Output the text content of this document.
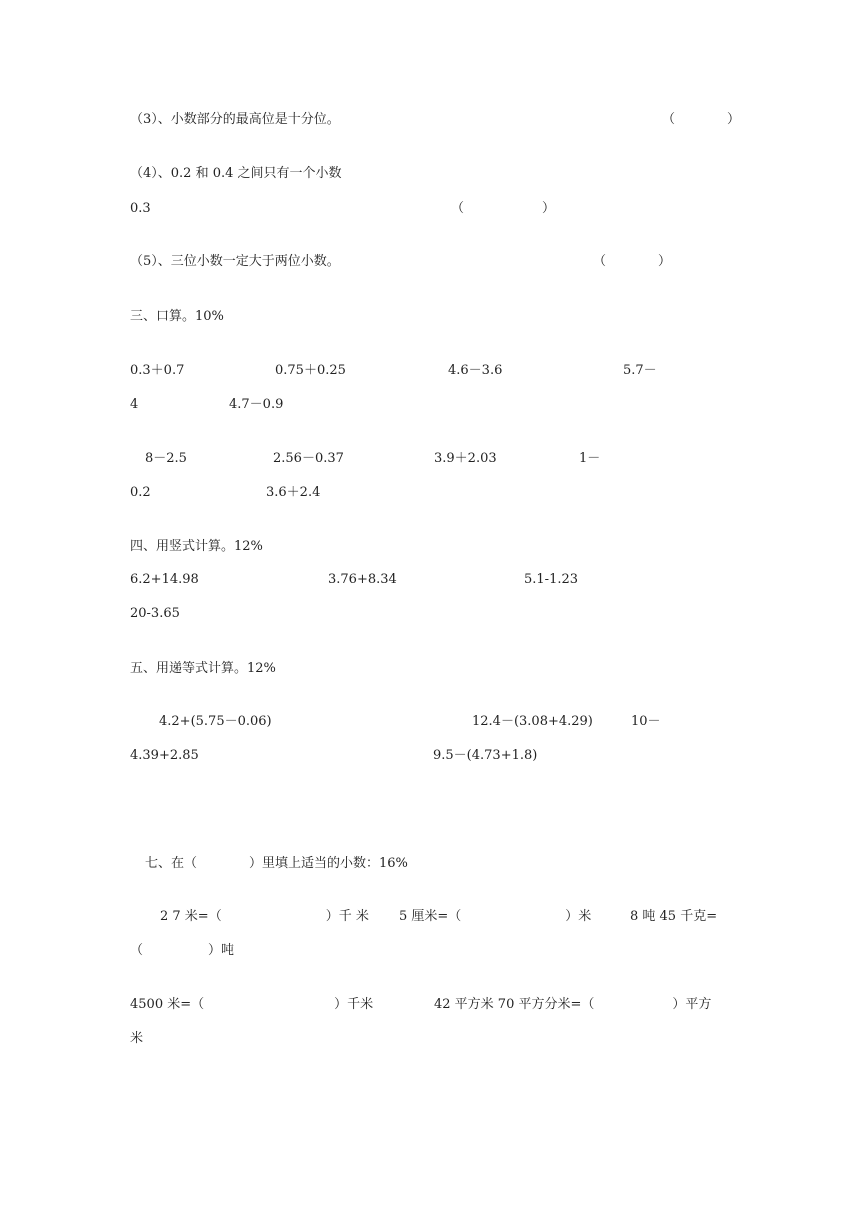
（3）、小数部分的最高位是十分位。	（　　　　）
（4）、0.2 和 0.4 之间只有一个小数
0.3	（　　　　　　）
（5）、三位小数一定大于两位小数。	（　　　　）
三、口算。10%
0.3＋0.7	0.75＋0.25	4.6－3.6	5.7－
4	4.7－0.9
8－2.5	2.56－0.37	3.9＋2.03	1－
0.2	3.6＋2.4
四、用竖式计算。12%
6.2+14.98	3.76+8.34	5.1-1.23
20-3.65
五、用递等式计算。12%
4.2+(5.75－0.06)	12.4－(3.08+4.29)	10－
4.39+2.85	9.5－(4.73+1.8)
七、在（　　　　）里填上适当的小数：16%
2 7 米=（　　　　　　　　）千 米 5 厘米=（　　　　　　　　）米	8 吨 45 千克=
（　　　　　）吨
4500 米=（　　　　　　　　　　）千米	42 平方米 70 平方分米=（　　　　　　）平方
米
